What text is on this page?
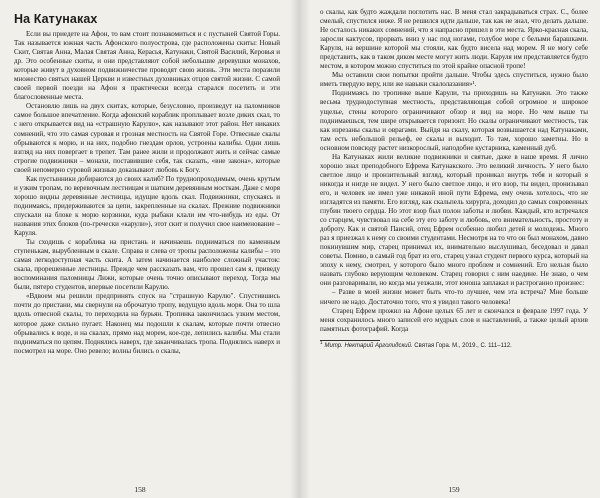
На Катунаках

Если вы приедете на Афон, то вам стоит познакомиться и с пустыней Святой Горы. Так называется южная часть Афонского полуострова, где расположены скиты: Новый Скит, Святая Анна, Малая Святая Анна, Керасья, Катунаки, Святой Василий, Керовья и др. Это особенные скиты, и они представляют собой небольшие деревушки монахов, которые живут в духовном подвижничестве проводят свою жизнь. Эти места поразили множество святых нашей Церкви и известных духовниках отцов святой жизни. С самой своей первой поезди на Афон я практически всегда старался посетить и эти благословенные места.

Остановлю лишь на двух скитах, которые, безусловно, произведут на паломников самое большое впечатление. Когда афонский кораблик проплывает возле диких скал, то с него открывается вид на «страшную Карулю», как называют этот район. Нет никаких сомнений, что это самая суровая и грозная местность на Святой Горе. Отвесные скалы обрываются к морю, и на них, подобно гнездам орлов, устроены калибы. Одни лишь взгляд на них повергает в трепет. Там ранее жили и продолжают жить и сейчас самые строгие подвижники – монахи, поставившие себя, так сказать, «вне закона», которые своей непомерно суровой жизнью доказывают любовь к Богу.

Как пустынники добираются до своих калиб? По труднопроходимым, очень крутым и узким тропам, по веревочным лестницам и шатким деревянным мосткам. Даже с моря хорошо видны деревянные лестницы, идущие вдоль скал. Подвижники, спускаясь и поднимаясь, придерживаются за цепи, закрепленные на скалах. Прежние подвижники спускали на блоке к морю корзинки, куда рыбаки клали им что-нибудь из еды. От названия этих блоков (по-гречески «карули»), этот скит и получил свое наименование – Каруля.

Ты сходишь с кораблика на пристань и начинаешь подниматься по каменным ступенькам, вырубленным в скале. Справа и слева от тропы расположены калибы – это самая легкодоступная часть скита. А затем начинается наиболее сложный участок: скала, прорешенные лестницы. Прежде чем рассказать вам, что прошел сам я, приведу воспоминания паломницы Лижи, которые очень точно описывают переход. Тогда мы были, пятеро студентов, впервые посетили Карулю.

«Вдвоем мы решили предпринять спуск на "страшную Карулю". Спустившись почти до пристани, мы свернули на оброчатую тропу, ведущую вдоль моря. Она то шла вдоль отвесной скалы, то переходила на бурьян. Тропинка закончилась узким местом, которое даже сильно пугает. Наконец мы подошли к скалам, которые почти отвесно обрывались к воде, и на скалах, прямо над морем, кое-где, лепились калибы. Мы стали подниматься по цепям. Поднялись наверх, где заканчивалась тропа. Поднялись наверх и посмотрел на море. Оно ревело; волны бились о скалы,

158

о скалы, как будто жаждали поглотить нас. В меня стал закрадываться страх. С., более смелый, спустился ниже. Я не решился идти дальше, так как не знал, что делать дальше. Не осталось никаких сомнений, что я напрасно пришел в эти места. Ярко-красная скала, заросли кактусов, прорвать вниз у нас под ногами, голубое море с белыми барашками. Каруля, на вершине которой мы стояли, как будто висела над морем. Я не могу себе представить, как в таком диком месте могут жить люди. Каруля им представляется будто местом, в котором можно спуститься по этой крайне опасной тропе!

Мы оставили свои попытки пройти дальше. Чтобы здесь спуститься, нужно было иметь твердую веру, или же навыки скалолазания»¹.

Поднимаясь по тропинке выше Карули, ты приходишь на Катунаки. Это также весьма труднодоступная местность, представляющая собой огромное и широкое ущелье, стены которого ограничивают обзор и вид на море. Но чем выше ты поднимаешься, тем шире открывается горизонт. Но скалы ограничивают местность, так как изрезаны скалы и оврагами. Выйдя на скалу, которая возвышается над Катунаками, там есть небольшой рельеф, ее скалы и выходит. То там, хорошо заметны. Но в основном повсюду растет низкорослый, наподобие кустарника, каменный дуб.

На Катунаках жили великие подвижники и святые, даже в наше время. Я лично хорошо знал преподобного Ефрема Катунакского. Это великий личность. У него было светлое лицо и пронзительный взгляд, который проникал внутрь тебя и который я никогда и нигде не видел. У него было светлое лицо, и его взор, ты видел, пронизывал его, и человек не имел уже никакой иной пути Ефрема, ему очень хотелось, что не изгладятся из памяти. Его взгляд, как скальпель хирурга, доходил до самых сокровенных глубин твоего сердца. Но этот взор был полон заботы и любви. Каждый, кто встречался со старцем, чувствовал на себе эту его заботу и любовь, его внимательность, простоту и доброту. Как и святой Паисий, отец Ефрем особенно любил детей и молодежь. Много раз я приезжал к нему со своими студентами. Несмотря на то что он был монахом, давно покинувшим мир, старец принимал их, внимательно выслушивал, беседовал и давал советы. Помню, в самый год брат из его, старец узнал студент первого курса, который на эпоху к нему, смотрел, у которого было много проблем и сомнений. Его нельзя было назвать глубоко верующим человеком. Старец говорил с ним наедине. Не знаю, о чем они разговаривали, но когда мы уезжали, этот юноша заплакал и растроганно произнес:

– Разве в моей жизни может быть что-то лучшее, чем эта встреча? Мне больше ничего не надо. Достаточно того, что я увидел такого человека!

Старец Ефрем прожил на Афоне целых 65 лет и скончался в феврале 1997 года. У меня сохранилось много записей его мудрых слов и наставлений, а также целый архив памятных фотографий. Когда

$^1$Митр. Нектарий Арголидский. Святая Гора. М., 2019., С. 111–112.
159
